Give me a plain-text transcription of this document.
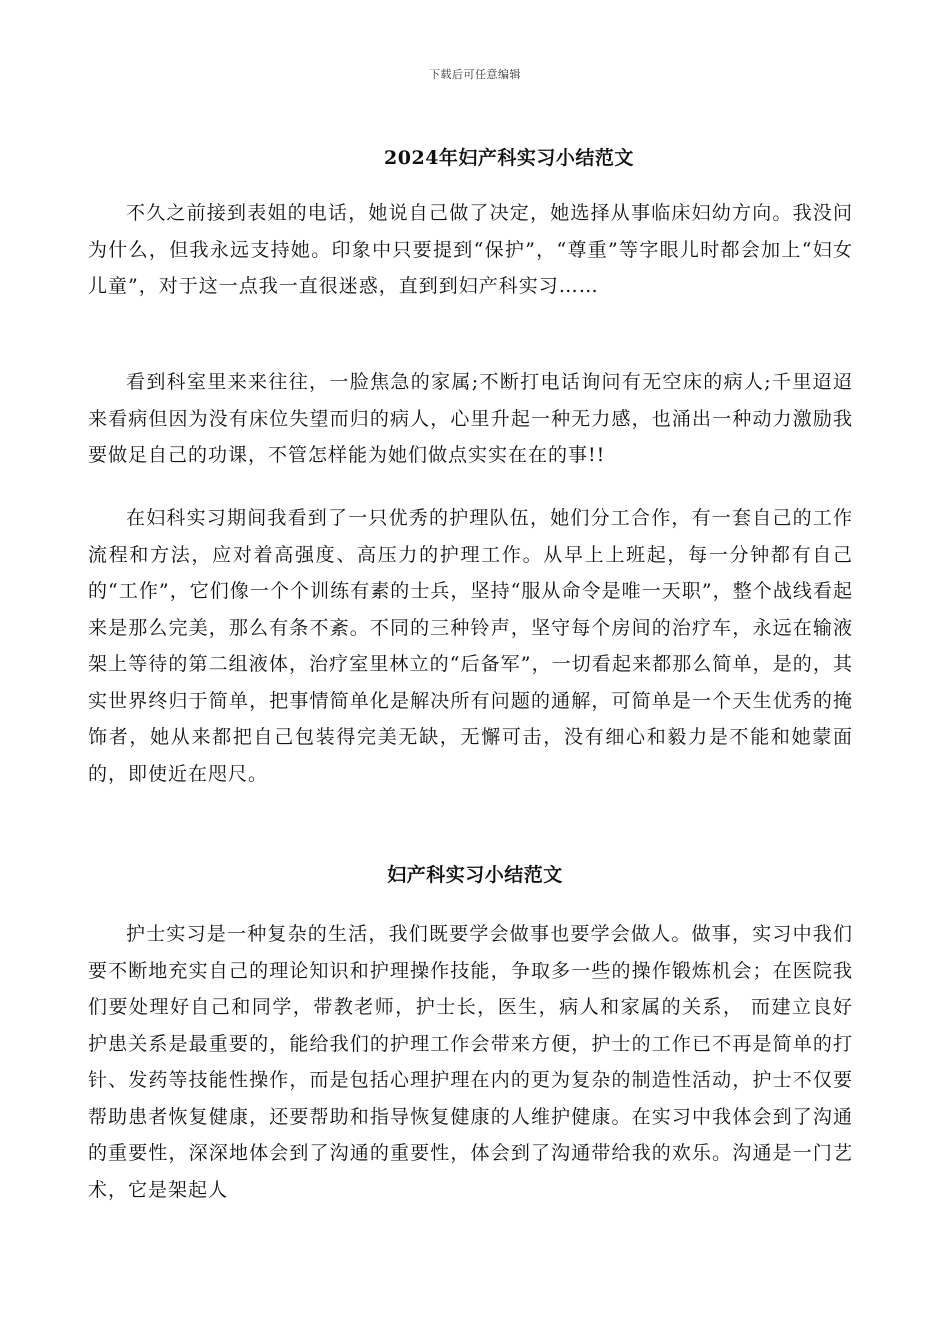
下载后可任意编辑
2024年妇产科实习小结范文

不久之前接到表姐的电话，她说自己做了决定，她选择从事临床妇幼方向。我没问为什么，但我永远支持她。印象中只要提到“保护”，“尊重”等字眼儿时都会加上“妇女儿童”，对于这一点我一直很迷惑，直到到妇产科实习……

看到科室里来来往往，一脸焦急的家属;不断打电话询问有无空床的病人;千里迢迢来看病但因为没有床位失望而归的病人，心里升起一种无力感，也涌出一种动力激励我要做足自己的功课，不管怎样能为她们做点实实在在的事!!

在妇科实习期间我看到了一只优秀的护理队伍，她们分工合作，有一套自己的工作流程和方法，应对着高强度、高压力的护理工作。从早上上班起，每一分钟都有自己的“工作”，它们像一个个训练有素的士兵，坚持“服从命令是唯一天职”，整个战线看起来是那么完美，那么有条不紊。不同的三种铃声，坚守每个房间的治疗车，永远在输液架上等待的第二组液体，治疗室里林立的“后备军”，一切看起来都那么简单，是的，其实世界终归于简单，把事情简单化是解决所有问题的通解，可简单是一个天生优秀的掩饰者，她从来都把自己包装得完美无缺，无懈可击，没有细心和毅力是不能和她蒙面的，即使近在咫尺。

妇产科实习小结范文

护士实习是一种复杂的生活，我们既要学会做事也要学会做人。做事，实习中我们要不断地充实自己的理论知识和护理操作技能，争取多一些的操作锻炼机会；在医院我们要处理好自己和同学，带教老师，护士长，医生，病人和家属的关系， 而建立良好护患关系是最重要的，能给我们的护理工作会带来方便，护士的工作已不再是简单的打针、发药等技能性操作，而是包括心理护理在内的更为复杂的制造性活动，护士不仅要帮助患者恢复健康，还要帮助和指导恢复健康的人维护健康。在实习中我体会到了沟通的重要性，深深地体会到了沟通的重要性，体会到了沟通带给我的欢乐。沟通是一门艺术，它是架起人
